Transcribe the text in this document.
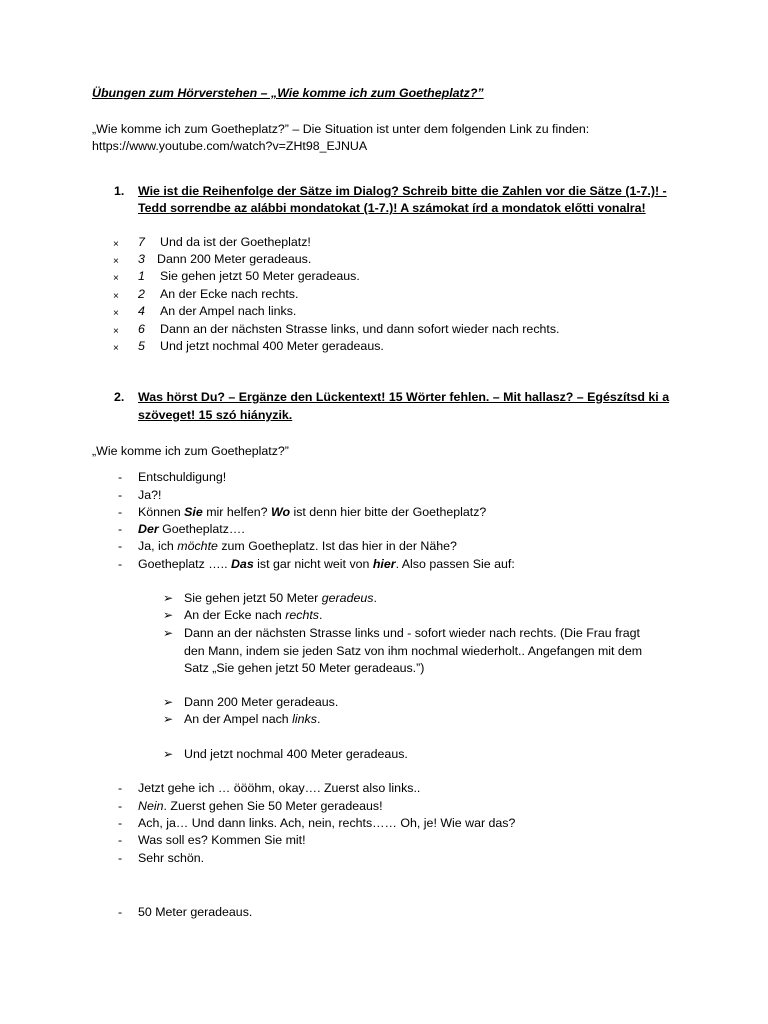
Übungen zum Hörverstehen – „Wie komme ich zum Goetheplatz?”
„Wie komme ich zum Goetheplatz?” – Die Situation ist unter dem folgenden Link zu finden:
https://www.youtube.com/watch?v=ZHt98_EJNUA
1. Wie ist die Reihenfolge der Sätze im Dialog? Schreib bitte die Zahlen vor die Sätze (1-7.)! -
Tedd sorrendbe az alábbi mondatokat (1-7.)! A számokat írd a mondatok előtti vonalra!
× 7 Und da ist der Goetheplatz!
× 3 Dann 200 Meter geradeaus.
× 1 Sie gehen jetzt 50 Meter geradeaus.
× 2 An der Ecke nach rechts.
× 4 An der Ampel nach links.
× 6 Dann an der nächsten Strasse links, und dann sofort wieder nach rechts.
× 5 Und jetzt nochmal 400 Meter geradeaus.
2. Was hörst Du? – Ergänze den Lückentext! 15 Wörter fehlen. – Mit hallasz? – Egészítsd ki a
szöveget! 15 szó hiányzik.
„Wie komme ich zum Goetheplatz?”
- Entschuldigung!
- Ja?!
- Können Sie mir helfen? Wo ist denn hier bitte der Goetheplatz?
- Der Goetheplatz….
- Ja, ich möchte zum Goetheplatz. Ist das hier in der Nähe?
- Goetheplatz ….. Das ist gar nicht weit von hier. Also passen Sie auf:
➢ Sie gehen jetzt 50 Meter geradeus.
➢ An der Ecke nach rechts.
➢ Dann an der nächsten Strasse links und - sofort wieder nach rechts. (Die Frau fragt
den Mann, indem sie jeden Satz von ihm nochmal wiederholt.. Angefangen mit dem
Satz „Sie gehen jetzt 50 Meter geradeaus.”)
➢ Dann 200 Meter geradeaus.
➢ An der Ampel nach links.
➢ Und jetzt nochmal 400 Meter geradeaus.
- Jetzt gehe ich … öööhm, okay…. Zuerst also links..
- Nein. Zuerst gehen Sie 50 Meter geradeaus!
- Ach, ja… Und dann links. Ach, nein, rechts…… Oh, je! Wie war das?
- Was soll es? Kommen Sie mit!
- Sehr schön.
- 50 Meter geradeaus.
